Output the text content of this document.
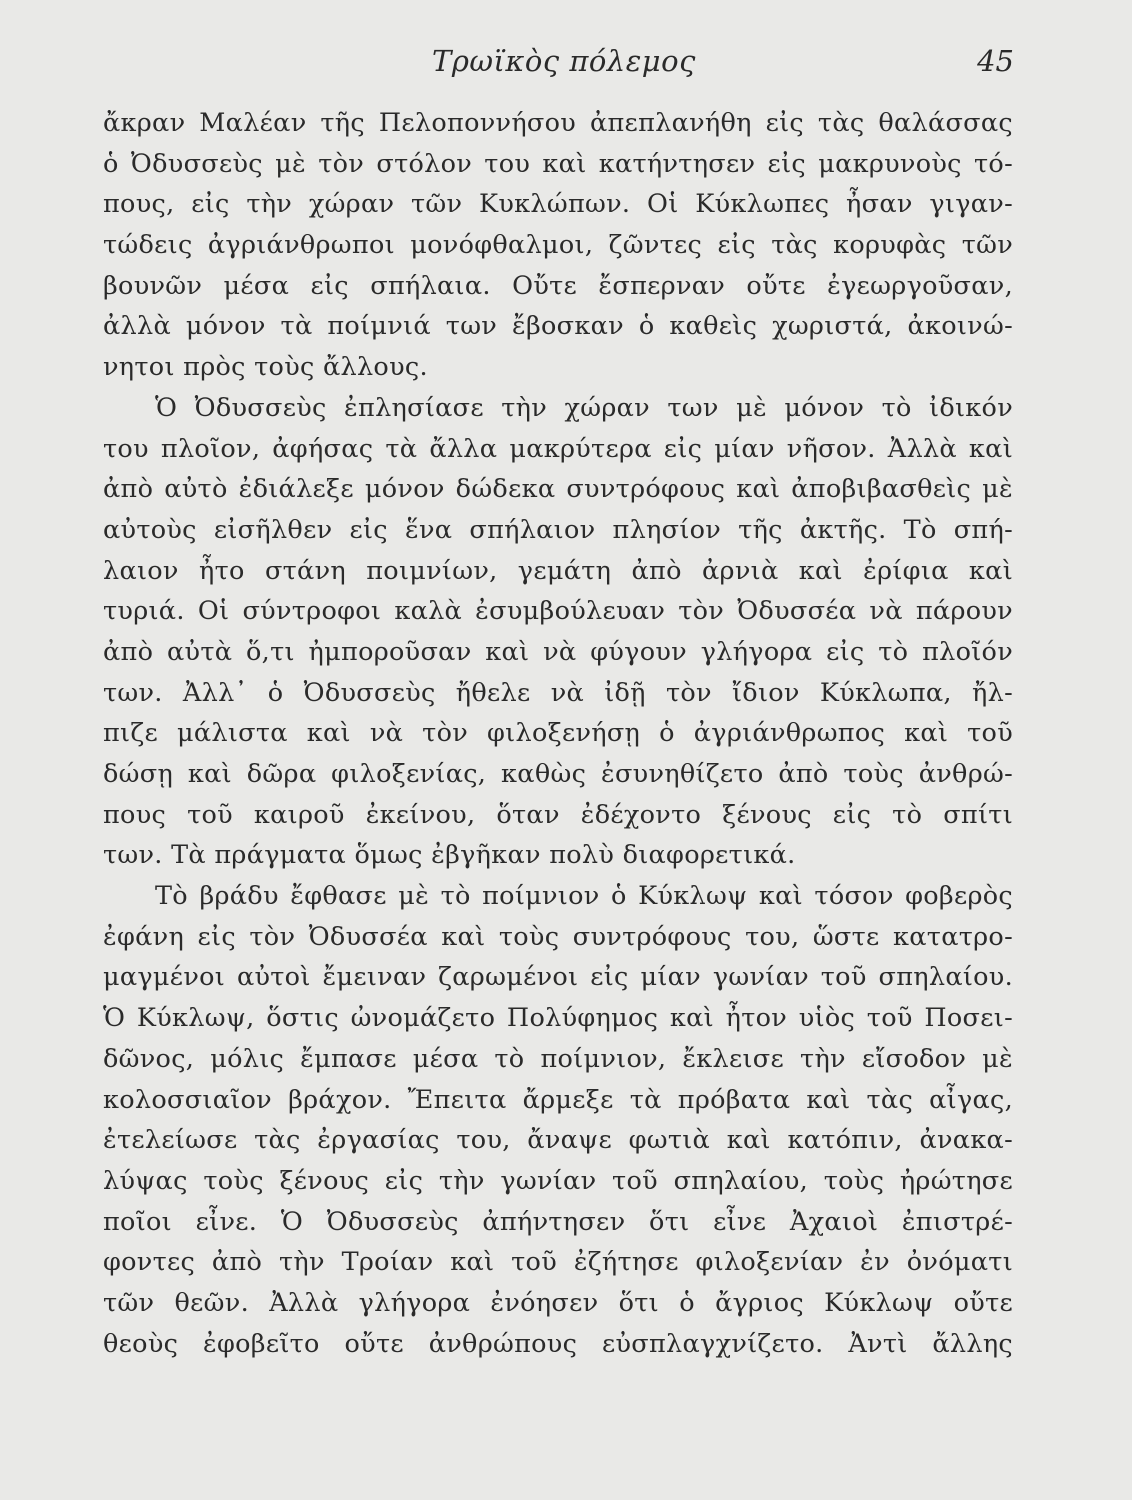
Τρωϊκὸς πόλεμος	45
ἄκραν Μαλέαν τῆς Πελοποννήσου ἀπεπλανήθη εἰς τὰς θαλάσσας
ὁ Ὀδυσσεὺς μὲ τὸν στόλον του καὶ κατήντησεν εἰς μακρυνοὺς τό-
πους, εἰς τὴν χώραν τῶν Κυκλώπων. Οἱ Κύκλωπες ἦσαν γιγαν-
τώδεις ἀγριάνθρωποι μονόφθαλμοι, ζῶντες εἰς τὰς κορυφὰς τῶν
βουνῶν μέσα εἰς σπήλαια. Οὔτε ἔσπερναν οὔτε ἐγεωργοῦσαν,
ἀλλὰ μόνον τὰ ποίμνιά των ἔβοσκαν ὁ καθεὶς χωριστά, ἀκοινώ-
νητοι πρὸς τοὺς ἄλλους.
Ὁ Ὀδυσσεὺς ἐπλησίασε τὴν χώραν των μὲ μόνον τὸ ἰδικόν
του πλοῖον, ἀφήσας τὰ ἄλλα μακρύτερα εἰς μίαν νῆσον. Ἀλλὰ καὶ
ἀπὸ αὐτὸ ἐδιάλεξε μόνον δώδεκα συντρόφους καὶ ἀποβιβασθεὶς μὲ
αὐτοὺς εἰσῆλθεν εἰς ἕνα σπήλαιον πλησίον τῆς ἀκτῆς. Τὸ σπή-
λαιον ἦτο στάνη ποιμνίων, γεμάτη ἀπὸ ἀρνιὰ καὶ ἐρίφια καὶ
τυριά. Οἱ σύντροφοι καλὰ ἐσυμβούλευαν τὸν Ὀδυσσέα νὰ πάρουν
ἀπὸ αὐτὰ ὅ,τι ἠμποροῦσαν καὶ νὰ φύγουν γλήγορα εἰς τὸ πλοῖόν
των. Ἀλλ᾽ ὁ Ὀδυσσεὺς ἤθελε νὰ ἰδῇ τὸν ἴδιον Κύκλωπα, ἤλ-
πιζε μάλιστα καὶ νὰ τὸν φιλοξενήσῃ ὁ ἀγριάνθρωπος καὶ τοῦ
δώσῃ καὶ δῶρα φιλοξενίας, καθὼς ἐσυνηθίζετο ἀπὸ τοὺς ἀνθρώ-
πους τοῦ καιροῦ ἐκείνου, ὅταν ἐδέχοντο ξένους εἰς τὸ σπίτι
των. Τὰ πράγματα ὅμως ἐβγῆκαν πολὺ διαφορετικά.
Τὸ βράδυ ἔφθασε μὲ τὸ ποίμνιον ὁ Κύκλωψ καὶ τόσον φοβερὸς
ἐφάνη εἰς τὸν Ὀδυσσέα καὶ τοὺς συντρόφους του, ὥστε κατατρο-
μαγμένοι αὐτοὶ ἔμειναν ζαρωμένοι εἰς μίαν γωνίαν τοῦ σπηλαίου.
Ὁ Κύκλωψ, ὅστις ὠνομάζετο Πολύφημος καὶ ἦτον υἱὸς τοῦ Ποσει-
δῶνος, μόλις ἔμπασε μέσα τὸ ποίμνιον, ἔκλεισε τὴν εἴσοδον μὲ
κολοσσιαῖον βράχον. Ἔπειτα ἄρμεξε τὰ πρόβατα καὶ τὰς αἶγας,
ἐτελείωσε τὰς ἐργασίας του, ἄναψε φωτιὰ καὶ κατόπιν, ἀνακα-
λύψας τοὺς ξένους εἰς τὴν γωνίαν τοῦ σπηλαίου, τοὺς ἠρώτησε
ποῖοι εἶνε. Ὁ Ὀδυσσεὺς ἀπήντησεν ὅτι εἶνε Ἀχαιοὶ ἐπιστρέ-
φοντες ἀπὸ τὴν Τροίαν καὶ τοῦ ἐζήτησε φιλοξενίαν ἐν ὀνόματι
τῶν θεῶν. Ἀλλὰ γλήγορα ἐνόησεν ὅτι ὁ ἄγριος Κύκλωψ οὔτε
θεοὺς ἐφοβεῖτο οὔτε ἀνθρώπους εὐσπλαγχνίζετο. Ἀντὶ ἄλλης
